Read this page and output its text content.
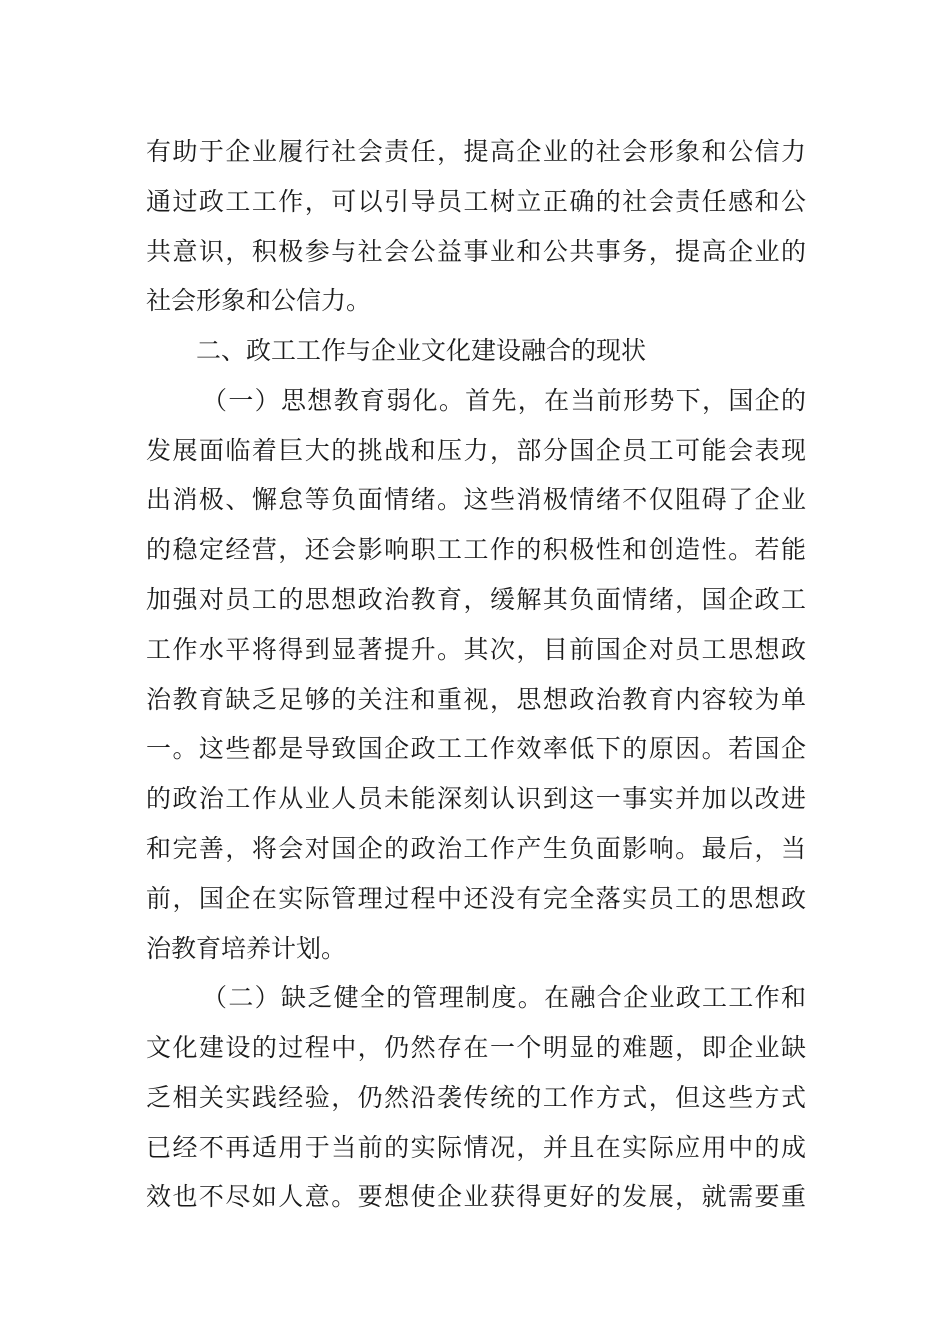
有助于企业履行社会责任，提高企业的社会形象和公信力
通过政工工作，可以引导员工树立正确的社会责任感和公
共意识，积极参与社会公益事业和公共事务，提高企业的
社会形象和公信力。
二、政工工作与企业文化建设融合的现状
（一）思想教育弱化。首先，在当前形势下，国企的
发展面临着巨大的挑战和压力，部分国企员工可能会表现
出消极、懈怠等负面情绪。这些消极情绪不仅阻碍了企业
的稳定经营，还会影响职工工作的积极性和创造性。若能
加强对员工的思想政治教育，缓解其负面情绪，国企政工
工作水平将得到显著提升。其次，目前国企对员工思想政
治教育缺乏足够的关注和重视，思想政治教育内容较为单
一。这些都是导致国企政工工作效率低下的原因。若国企
的政治工作从业人员未能深刻认识到这一事实并加以改进
和完善，将会对国企的政治工作产生负面影响。最后，当
前，国企在实际管理过程中还没有完全落实员工的思想政
治教育培养计划。
（二）缺乏健全的管理制度。在融合企业政工工作和
文化建设的过程中，仍然存在一个明显的难题，即企业缺
乏相关实践经验，仍然沿袭传统的工作方式，但这些方式
已经不再适用于当前的实际情况，并且在实际应用中的成
效也不尽如人意。要想使企业获得更好的发展，就需要重
